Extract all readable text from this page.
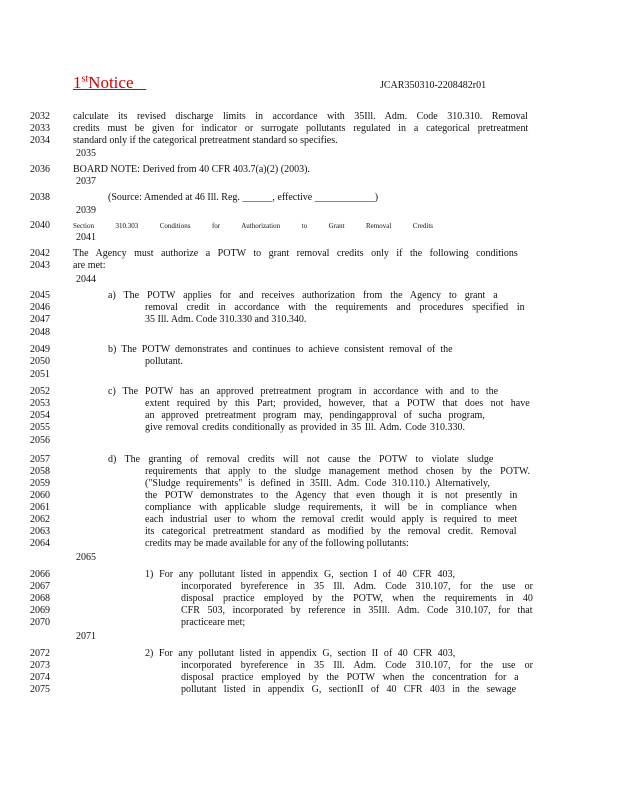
1stNotice	JCAR350310-2208482r01
2032 calculate its revised discharge limits in accordance with 35Ill. Adm. Code 310.310. Removal
2033 credits must be given for indicator or surrogate pollutants regulated in a categorical pretreatment
2034 standard only if the categorical pretreatment standard so specifies.
2035
2036 BOARD NOTE: Derived from 40 CFR 403.7(a)(2) (2003).
2037
2038	(Source: Amended at 46 Ill. Reg. ______, effective ____________)
2039
2040	Section 310.303 Conditions for Authorization to Grant Removal Credits
2041
2042 The Agency must authorize a POTW to grant removal credits only if the following conditions
2043 are met:
2044
2045	a) The POTW applies for and receives authorization from the Agency to grant a
2046	removal credit in accordance with the requirements and procedures specified in
2047	35 Ill. Adm. Code 310.330 and 310.340.
2048
2049	b) The POTW demonstrates and continues to achieve consistent removal of the
2050	pollutant.
2051
2052	c) The POTW has an approved pretreatment program in accordance with and to the
2053	extent required by this Part; provided, however, that a POTW that does not have
2054	an approved pretreatment program may, pendingapproval of sucha program,
2055	give removal credits conditionally as provided in 35 Ill. Adm. Code 310.330.
2056
2057	d) The granting of removal credits will not cause the POTW to violate sludge
2058	requirements that apply to the sludge management method chosen by the POTW.
2059	("Sludge requirements" is defined in 35Ill. Adm. Code 310.110.) Alternatively,
2060	the POTW demonstrates to the Agency that even though it is not presently in
2061	compliance with applicable sludge requirements, it will be in compliance when
2062	each industrial user to whom the removal credit would apply is required to meet
2063	its categorical pretreatment standard as modified by the removal credit. Removal
2064	credits may be made available for any of the following pollutants:
2065
2066	1) For any pollutant listed in appendix G, section I of 40 CFR 403,
2067	incorporated byreference in 35 Ill. Adm. Code 310.107, for the use or
2068	disposal practice employed by the POTW, when the requirements in 40
2069	CFR 503, incorporated by reference in 35Ill. Adm. Code 310.107, for that
2070	practiceare met;
2071
2072	2) For any pollutant listed in appendix G, section II of 40 CFR 403,
2073	incorporated byreference in 35 Ill. Adm. Code 310.107, for the use or
2074	disposal practice employed by the POTW when the concentration for a
2075	pollutant listed in appendix G, sectionII of 40 CFR 403 in the sewage
